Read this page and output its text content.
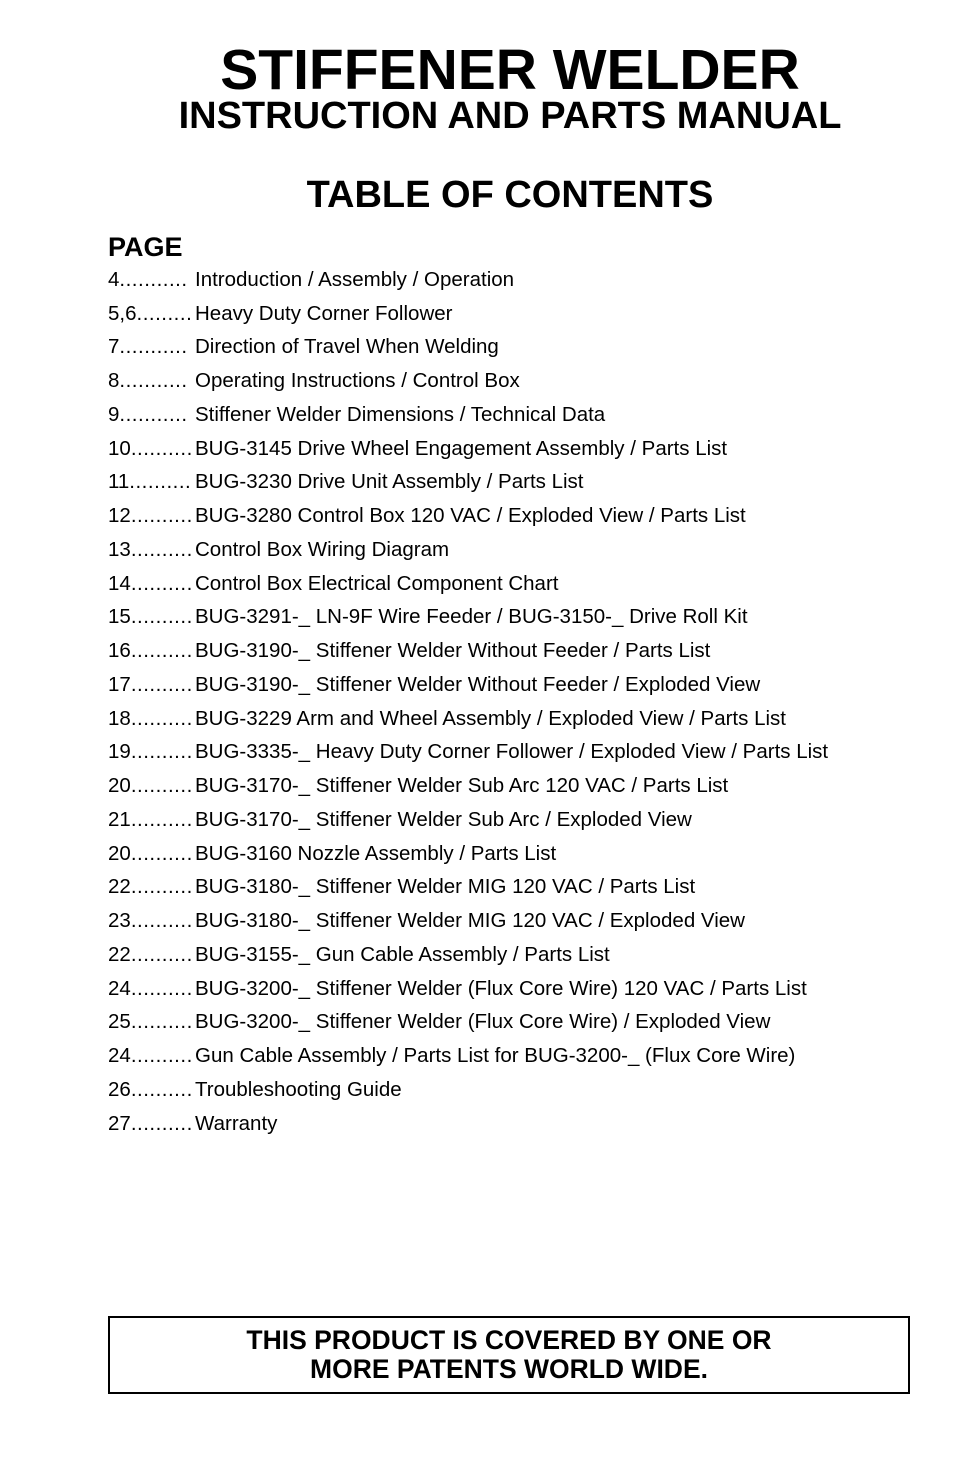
STIFFENER WELDER
INSTRUCTION AND PARTS MANUAL
TABLE OF CONTENTS
PAGE
4........... Introduction / Assembly / Operation
5,6......... Heavy Duty Corner Follower
7........... Direction of Travel When Welding
8........... Operating Instructions / Control Box
9........... Stiffener Welder Dimensions / Technical Data
10.......... BUG-3145 Drive Wheel Engagement Assembly / Parts List
11.......... BUG-3230 Drive Unit Assembly / Parts List
12.......... BUG-3280 Control Box 120 VAC / Exploded View / Parts List
13.......... Control Box Wiring Diagram
14.......... Control Box Electrical Component Chart
15.......... BUG-3291-_ LN-9F Wire Feeder / BUG-3150-_ Drive Roll Kit
16.......... BUG-3190-_ Stiffener Welder Without Feeder / Parts List
17.......... BUG-3190-_ Stiffener Welder Without Feeder / Exploded View
18.......... BUG-3229 Arm and Wheel Assembly / Exploded View / Parts List
19.......... BUG-3335-_ Heavy Duty Corner Follower / Exploded View / Parts List
20.......... BUG-3170-_ Stiffener Welder Sub Arc 120 VAC / Parts List
21.......... BUG-3170-_ Stiffener Welder Sub Arc / Exploded View
20.......... BUG-3160 Nozzle Assembly / Parts List
22.......... BUG-3180-_ Stiffener Welder MIG 120 VAC / Parts List
23.......... BUG-3180-_ Stiffener Welder MIG 120 VAC / Exploded View
22.......... BUG-3155-_ Gun Cable Assembly / Parts List
24.......... BUG-3200-_ Stiffener Welder (Flux Core Wire) 120 VAC / Parts List
25.......... BUG-3200-_ Stiffener Welder (Flux Core Wire) / Exploded View
24.......... Gun Cable Assembly / Parts List for BUG-3200-_ (Flux Core Wire)
26.......... Troubleshooting Guide
27.......... Warranty
THIS PRODUCT IS COVERED BY ONE OR
MORE PATENTS WORLD WIDE.
